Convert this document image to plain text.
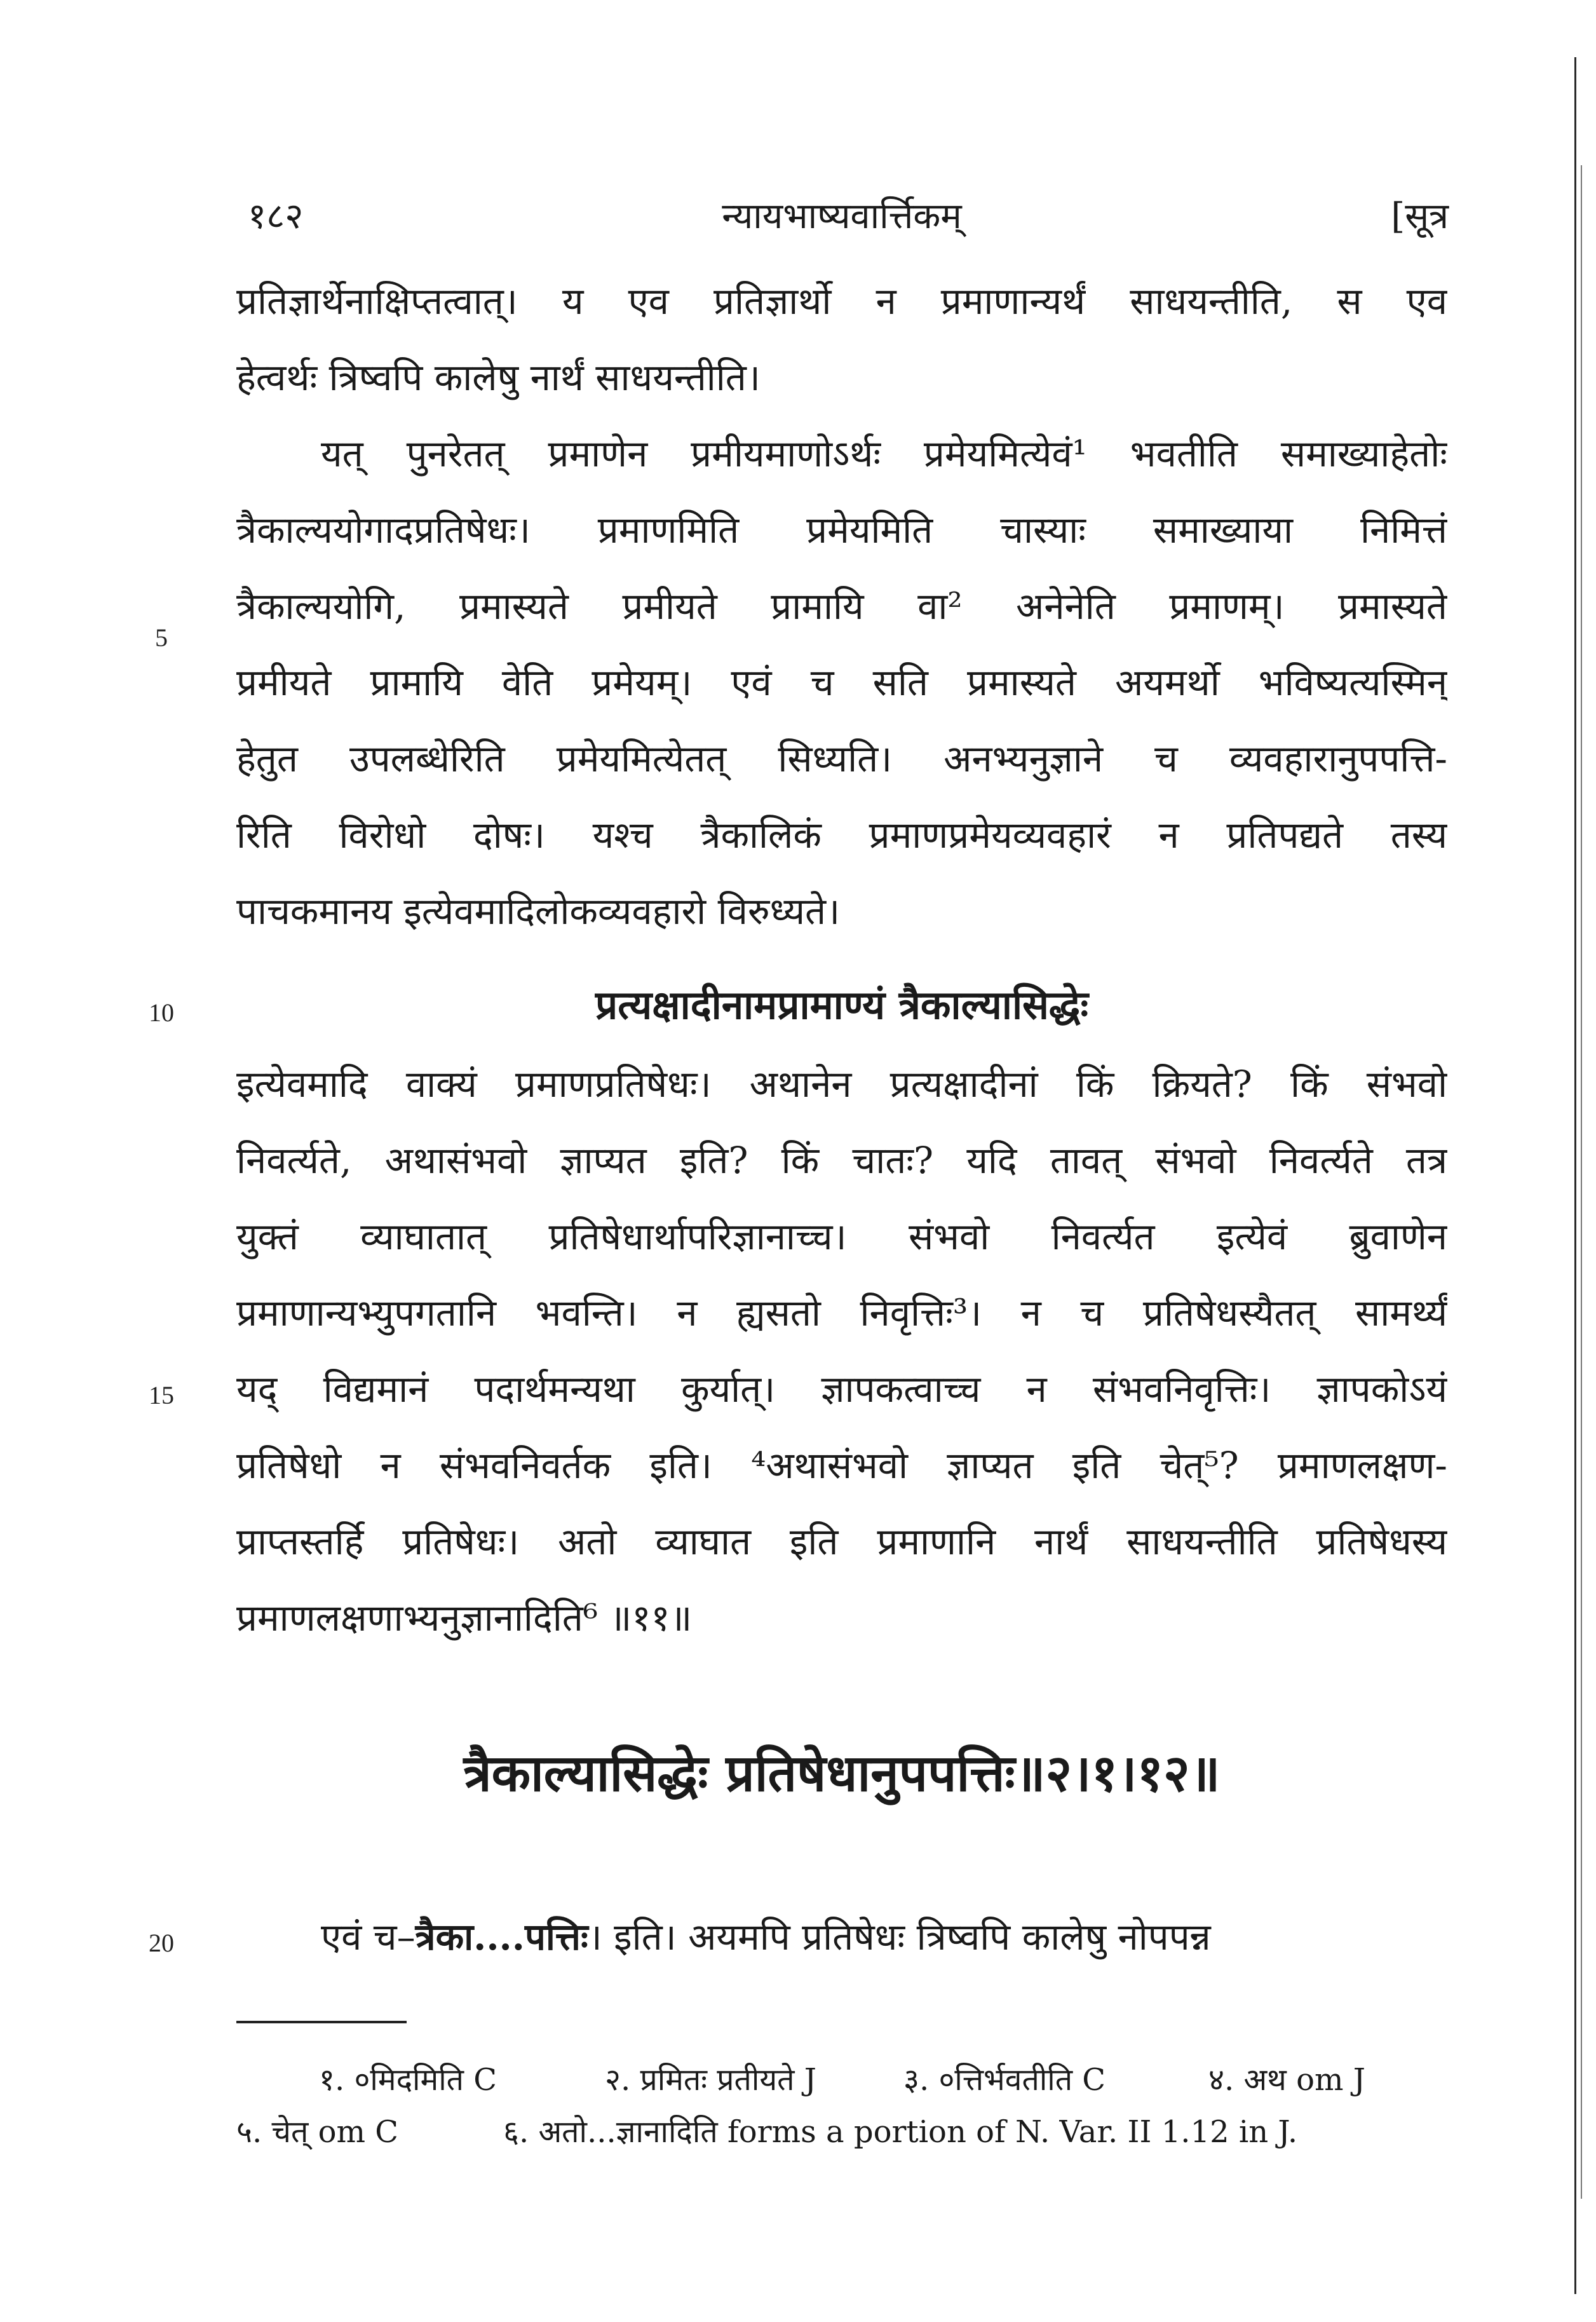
१८२	न्यायभाष्यवार्त्तिकम्	[सूत्र
प्रतिज्ञार्थेनाक्षिप्तत्वात्। य एव प्रतिज्ञार्थो न प्रमाणान्यर्थं साधयन्तीति, स एव
हेत्वर्थः त्रिष्वपि कालेषु नार्थं साधयन्तीति।
यत् पुनरेतत् प्रमाणेन प्रमीयमाणोऽर्थः प्रमेयमित्येवं¹ भवतीति समाख्याहेतोः
त्रैकाल्ययोगादप्रतिषेधः। प्रमाणमिति प्रमेयमिति चास्याः समाख्याया निमित्तं
त्रैकाल्ययोगि, प्रमास्यते प्रमीयते प्रामायि वा² अनेनेति प्रमाणम्। प्रमास्यते
प्रमीयते प्रामायि वेति प्रमेयम्। एवं च सति प्रमास्यते अयमर्थो भविष्यत्यस्मिन्
हेतुत उपलब्धेरिति प्रमेयमित्येतत् सिध्यति। अनभ्यनुज्ञाने च व्यवहारानुपपत्ति-
रिति विरोधो दोषः। यश्च त्रैकालिकं प्रमाणप्रमेयव्यवहारं न प्रतिपद्यते तस्य
पाचकमानय इत्येवमादिलोकव्यवहारो विरुध्यते।
प्रत्यक्षादीनामप्रामाण्यं त्रैकाल्यासिद्धेः
इत्येवमादि वाक्यं प्रमाणप्रतिषेधः। अथानेन प्रत्यक्षादीनां किं क्रियते? किं संभवो
निवर्त्यते, अथासंभवो ज्ञाप्यत इति? किं चातः? यदि तावत् संभवो निवर्त्यते तत्र
युक्तं व्याघातात् प्रतिषेधार्थापरिज्ञानाच्च। संभवो निवर्त्यत इत्येवं ब्रुवाणेन
प्रमाणान्यभ्युपगतानि भवन्ति। न ह्यसतो निवृत्तिः³। न च प्रतिषेधस्यैतत् सामर्थ्यं
यद् विद्यमानं पदार्थमन्यथा कुर्यात्। ज्ञापकत्वाच्च न संभवनिवृत्तिः। ज्ञापकोऽयं
प्रतिषेधो न संभवनिवर्तक इति। ⁴अथासंभवो ज्ञाप्यत इति चेत्⁵? प्रमाणलक्षण-
प्राप्तस्तर्हि प्रतिषेधः। अतो व्याघात इति प्रमाणानि नार्थं साधयन्तीति प्रतिषेधस्य
प्रमाणलक्षणाभ्यनुज्ञानादिति⁶ ॥११॥
त्रैकाल्यासिद्धेः प्रतिषेधानुपपत्तिः॥२।१।१२॥
एवं च–त्रैका....पत्तिः। इति। अयमपि प्रतिषेधः त्रिष्वपि कालेषु नोपपन्न
5
10
15
20
१. ०मिदमिति C	२. प्रमितः प्रतीयते J	३. ०त्तिर्भवतीति C	४. अथ om J
५. चेत् om C	६. अतो...ज्ञानादिति forms a portion of N. Var. II 1.12 in J.
